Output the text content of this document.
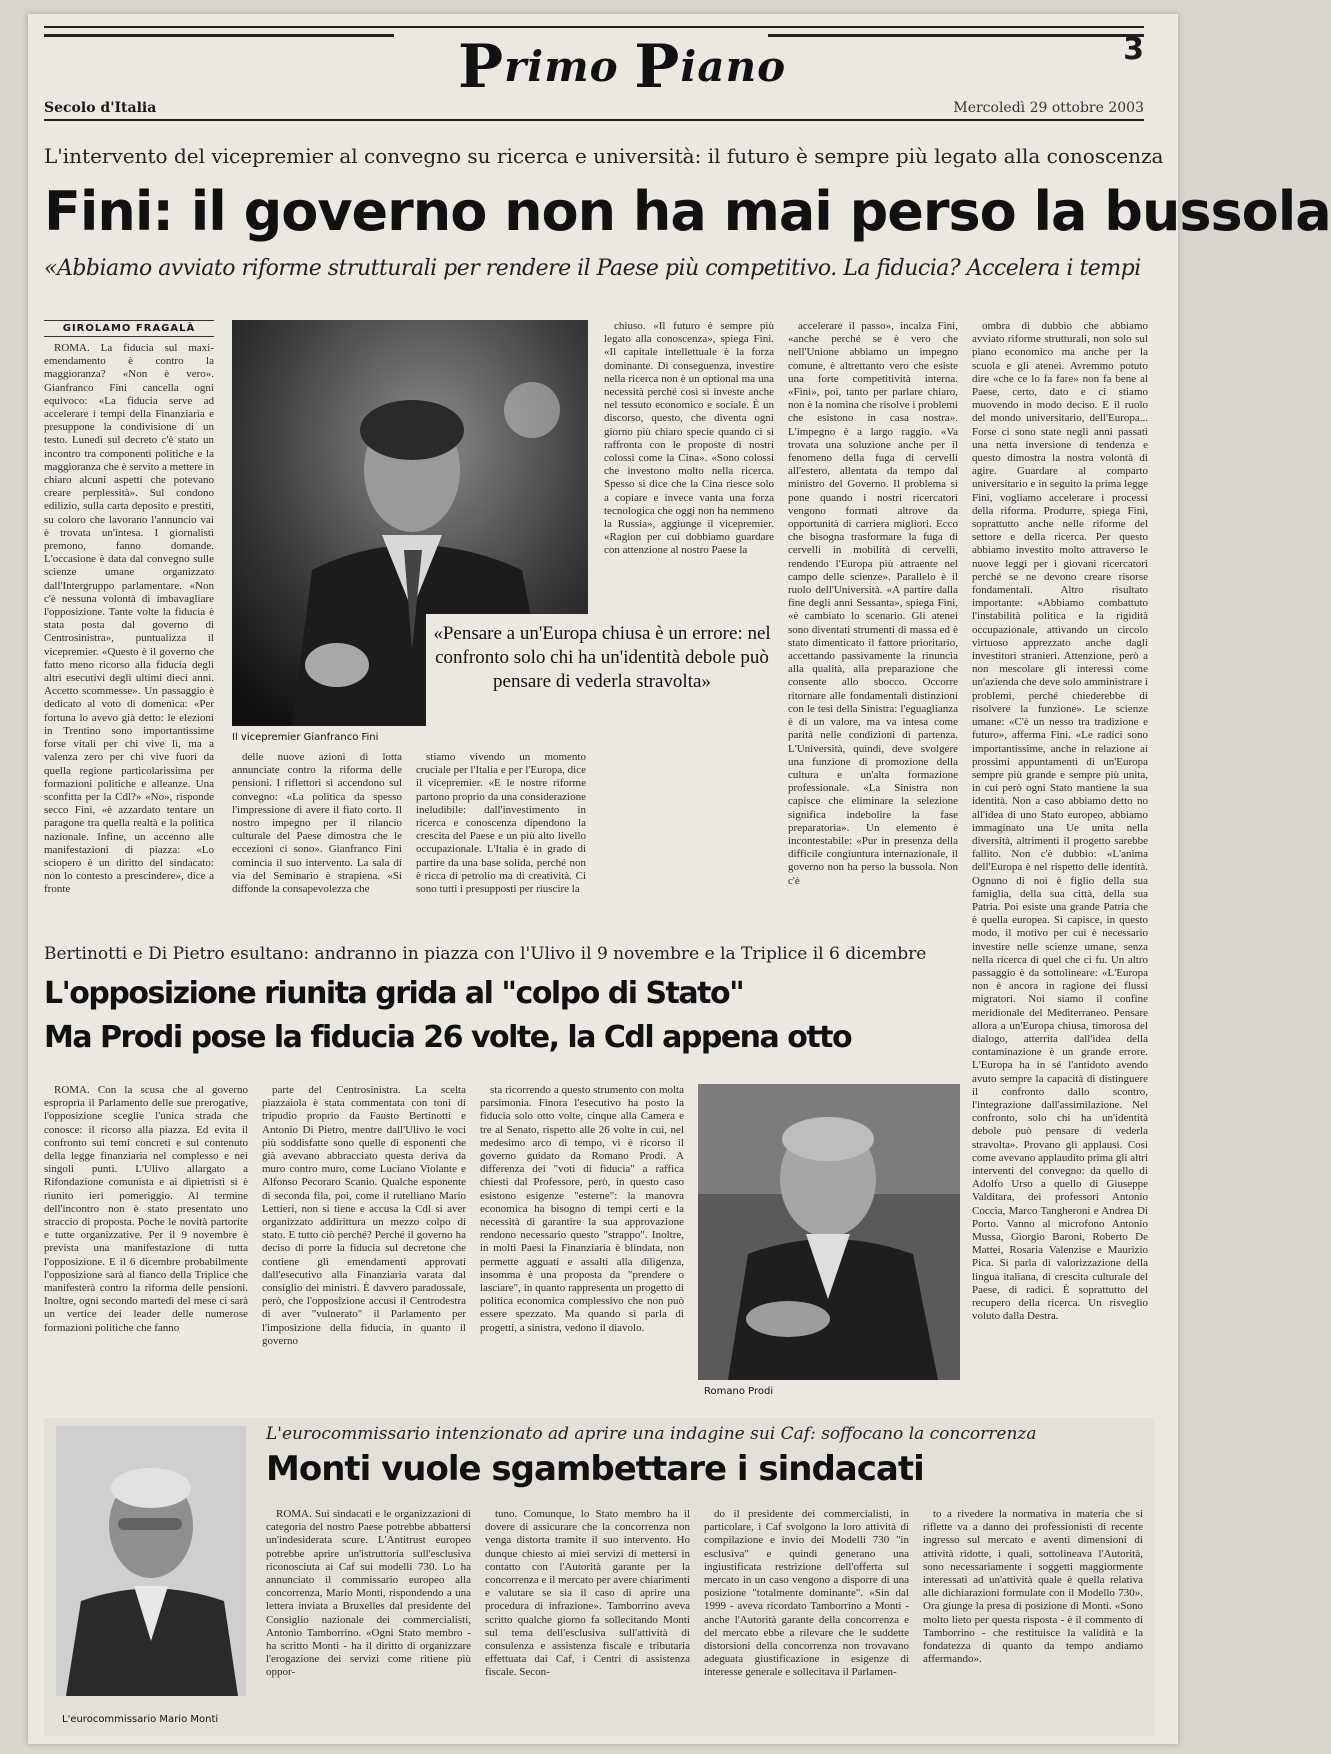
Primo Piano	3
Secolo d'Italia	Mercoledì 29 ottobre 2003
L'intervento del vicepremier al convegno su ricerca e università: il futuro è sempre più legato alla conoscenza
Fini: il governo non ha mai perso la bussola
«Abbiamo avviato riforme strutturali per rendere il Paese più competitivo. La fiducia? Accelera i tempi
GIROLAMO FRAGALÀ

ROMA. La fiducia sul maxi-emendamento è contro la maggioranza? «Non è vero». Gianfranco Fini cancella ogni equivoco: «La fiducia serve ad accelerare i tempi della Finanziaria e presuppone la condivisione di un testo. Lunedì sul decreto c'è stato un incontro tra componenti politiche e la maggioranza che è servito a mettere in chiaro alcuni aspetti che potevano creare perplessità». Sul condono edilizio, sulla carta deposito e prestiti, su coloro che lavorano l'annuncio vai è trovata un'intesa. I giornalisti premono, fanno domande. L'occasione è data dal convegno sulle scienze umane organizzato dall'Intergruppo parlamentare. «Non c'è nessuna volontà di imbavagliare l'opposizione. Tante volte la fiducia è stata posta dal governo di Centrosinistra», puntualizza il vicepremier. «Questo è il governo che fatto meno ricorso alla fiducia degli altri esecutivi degli ultimi dieci anni. Accetto scommesse». Un passaggio è dedicato al voto di domenica: «Per fortuna lo avevo già detto: le elezioni in Trentino sono importantissime forse vitali per chi vive lì, ma a valenza zero per chi vive fuori da quella regione particolarissima per formazioni politiche e alleanze. Una sconfitta per la Cdl?» «No», risponde secco Fini, «è azzardato tentare un paragone tra quella realtà e la politica nazionale. Infine, un accenno alle manifestazioni di piazza: «Lo sciopero è un diritto del sindacato: non lo contesto a prescindere», dice a fronte

Il vicepremier Gianfranco Fini

chiuso. «Il futuro è sempre più legato alla conoscenza», spiega Fini. «Il capitale intellettuale è la forza dominante. Di conseguenza, investire nella ricerca non è un optional ma una necessità perché così si investe anche nel tessuto economico e sociale. È un discorso, questo, che diventa ogni giorno più chiaro specie quando ci si raffronta con le proposte di nostri colossi come la Cina». «Sono colossi che investono molto nella ricerca. Spesso si dice che la Cina riesce solo a copiare e invece vanta una forza tecnologica che oggi non ha nemmeno la Russia», aggiunge il vicepremier. «Ragion per cui dobbiamo guardare con attenzione al nostro Paese la

accelerare il passo», incalza Fini, «anche perché se è vero che nell'Unione abbiamo un impegno comune, è altrettanto vero che esiste una forte competitività interna. «Fini», poi, tanto per parlare chiaro, non è la nomina che risolve i problemi che esistono in casa nostra». L'impegno è a largo raggio. «Va trovata una soluzione anche per il fenomeno della fuga di cervelli all'estero, allentata da tempo dal ministro del Governo. Il problema si pone quando i nostri ricercatori vengono formati altrove da opportunità di carriera migliori. Ecco che bisogna trasformare la fuga di cervelli in mobilità di cervelli, rendendo l'Europa più attraente nel campo delle scienze». Parallelo è il ruolo dell'Università. «A partire dalla fine degli anni Sessanta», spiega Fini, «è cambiato lo scenario. Gli atenei sono diventati strumenti di massa ed è stato dimenticato il fattore prioritario, accettando passivamente la rinuncia alla qualità, alla preparazione che consente allo sbocco. Occorre ritornare alle fondamentali distinzioni con le tesi della Sinistra: l'eguaglianza è di un valore, ma va intesa come parità nelle condizioni di partenza. L'Università, quindi, deve svolgere una funzione di promozione della cultura e un'alta formazione professionale. «La Sinistra non capisce che eliminare la selezione significa indebolire la fase preparatoria». Un elemento è incontestabile: «Pur in presenza della difficile congiuntura internazionale, il governo non ha perso la bussola. Non c'è

ombra di dubbio che abbiamo avviato riforme strutturali, non solo sul piano economico ma anche per la scuola e gli atenei. Avremmo potuto dire «che ce lo fa fare» non fa bene al Paese, certo, dato e ci stiamo muovendo in modo deciso. E il ruolo del mondo universitario, dell'Europa... Forse ci sono state negli anni passati una netta inversione di tendenza e questo dimostra la nostra volontà di agire. Guardare al comparto universitario e in seguito la prima legge Fini, vogliamo accelerare i processi della riforma. Produrre, spiega Fini, soprattutto anche nelle riforme del settore e della ricerca. Per questo abbiamo investito molto attraverso le nuove leggi per i giovani ricercatori perché se ne devono creare risorse fondamentali. Altro risultato importante: «Abbiamo combattuto l'instabilità politica e la rigidità occupazionale, attivando un circolo virtuoso apprezzato anche dagli investitori stranieri. Attenzione, però a non mescolare gli interessi come un'azienda che deve solo amministrare i problemi, perché chiederebbe di risolvere la funzione». Le scienze umane: «C'è un nesso tra tradizione e futuro», afferma Fini. «Le radici sono importantissime, anche in relazione ai prossimi appuntamenti di un'Europa sempre più grande e sempre più unita, in cui però ogni Stato mantiene la sua identità. Non a caso abbiamo detto no all'idea di uno Stato europeo, abbiamo immaginato una Ue unita nella diversità, altrimenti il progetto sarebbe fallito. Non c'è dubbio: «L'anima dell'Europa è nel rispetto delle identità. Ognuno di noi è figlio della sua famiglia, della sua città, della sua Patria. Poi esiste una grande Patria che è quella europea. Sì capisce, in questo modo, il motivo per cui è necessario investire nelle scienze umane, senza nella ricerca di quel che ci fu. Un altro passaggio è da sottolineare: «L'Europa non è ancora in ragione dei flussi migratori. Noi siamo il confine meridionale del Mediterraneo. Pensare allora a un'Europa chiusa, timorosa del dialogo, atterrita dall'idea della contaminazione è un grande errore. L'Europa ha in sé l'antidoto avendo avuto sempre la capacità di distinguere il confronto dallo scontro, l'integrazione dall'assimilazione. Nel confronto, solo chi ha un'identità debole può pensare di vederla stravolta». Provano gli applausi. Così come avevano applaudito prima gli altri interventi del convegno: da quello di Adolfo Urso a quello di Giuseppe Valditara, dei professori Antonio Coccia, Marco Tangheroni e Andrea Di Porto. Vanno al microfono Antonio Mussa, Giorgio Baroni, Roberto De Mattei, Rosaria Valenzise e Maurizio Pica. Si parla di valorizzazione della lingua italiana, di crescita culturale del Paese, di radici. È soprattutto del recupero della ricerca. Un risveglio voluto dalla Destra.

«Pensare a un'Europa chiusa è un errore: nel confronto solo chi ha un'identità debole può pensare di vederla stravolta»

delle nuove azioni di lotta annunciate contro la riforma delle pensioni. I riflettori si accendono sul convegno: «La politica da spesso l'impressione di avere il fiato corto. Il nostro impegno per il rilancio culturale del Paese dimostra che le eccezioni ci sono». Gianfranco Fini comincia il suo intervento. La sala di via del Seminario è strapiena. «Si diffonde la consapevolezza che

stiamo vivendo un momento cruciale per l'Italia e per l'Europa, dice il vicepremier. «E le nostre riforme partono proprio da una considerazione ineludibile: dall'investimento in ricerca e conoscenza dipendono la crescita del Paese e un più alto livello occupazionale. L'Italia è in grado di partire da una base solida, perché non è ricca di petrolio ma di creatività. Ci sono tutti i presupposti per riuscire la

Bertinotti e Di Pietro esultano: andranno in piazza con l'Ulivo il 9 novembre e la Triplice il 6 dicembre
L'opposizione riunita grida al "colpo di Stato"
Ma Prodi pose la fiducia 26 volte, la Cdl appena otto

ROMA. Con la scusa che al governo esproprìa il Parlamento delle sue prerogative, l'opposizione sceglie l'unica strada che conosce: il ricorso alla piazza. Ed evita il confronto sui temi concreti e sul contenuto della legge finanziaria nel complesso e nei singoli punti. L'Ulivo allargato a Rifondazione comunista e ai dipietristi si è riunito ieri pomeriggio. Al termine dell'incontro non è stato presentato uno straccio di proposta. Poche le novità partorite e tutte organizzative. Per il 9 novembre è prevista una manifestazione di tutta l'opposizione. E il 6 dicembre probabilmente l'opposizione sarà al fianco della Triplice che manifesterà contro la riforma delle pensioni. Inoltre, ogni secondo martedì del mese ci sarà un vertice dei leader delle numerose formazioni politiche che fanno

parte del Centrosinistra. La scelta piazzaiola è stata commentata con toni di tripudio proprio da Fausto Bertinotti e Antonio Di Pietro, mentre dall'Ulivo le voci più soddisfatte sono quelle di esponenti che già avevano abbracciato questa deriva da muro contro muro, come Luciano Violante e Alfonso Pecoraro Scanio. Qualche esponente di seconda fila, poi, come il rutelliano Mario Lettieri, non si tiene e accusa la Cdl si aver organizzato addirittura un mezzo colpo di stato. E tutto ciò perché? Perché il governo ha deciso di porre la fiducia sul decretone che contiene gli emendamenti approvati dall'esecutivo alla Finanziaria varata dal consiglio dei ministri. È davvero paradossale, però, che l'opposizione accusi il Centrodestra di aver "vulnerato" il Parlamento per l'imposizione della fiducia, in quanto il governo

sta ricorrendo a questo strumento con molta parsimonia. Finora l'esecutivo ha posto la fiducia solo otto volte, cinque alla Camera e tre al Senato, rispetto alle 26 volte in cui, nel medesimo arco di tempo, vi è ricorso il governo guidato da Romano Prodi. A differenza dei "voti di fiducia" a raffica chiesti dal Professore, però, in questo caso esistono esigenze "esterne": la manovra economica ha bisogno di tempi certi e la necessità di garantire la sua approvazione rendono necessario questo "strappo". Inoltre, in molti Paesi la Finanziaria è blindata, non permette agguati e assalti alla diligenza, insomma è una proposta da "prendere o lasciare", in quanto rappresenta un progetto di politica economica complessivo che non può essere spezzato. Ma quando si parla di progetti, a sinistra, vedono il diavolo.

Romano Prodi
L'eurocommissario Mario Monti
L'eurocommissario intenzionato ad aprire una indagine sui Caf: soffocano la concorrenza
Monti vuole sgambettare i sindacati

ROMA. Sui sindacati e le organizzazioni di categoria del nostro Paese potrebbe abbattersi un'indesiderata scure. L'Antitrust europeo potrebbe aprire un'istruttoria sull'esclusiva riconosciuta ai Caf sui modelli 730. Lo ha annunciato il commissario europeo alla concorrenza, Mario Monti, rispondendo a una lettera inviata a Bruxelles dal presidente del Consiglio nazionale dei commercialisti, Antonio Tamborrino. «Ogni Stato membro - ha scritto Monti - ha il diritto di organizzare l'erogazione dei servizi come ritiene più oppor-

tuno. Comunque, lo Stato membro ha il dovere di assicurare che la concorrenza non venga distorta tramite il suo intervento. Ho dunque chiesto ai miei servizi di mettersi in contatto con l'Autorità garante per la concorrenza e il mercato per avere chiarimenti e valutare se sia il caso di aprire una procedura di infrazione». Tamborrino aveva scritto qualche giorno fa sollecitando Monti sul tema dell'esclusiva sull'attività di consulenza e assistenza fiscale e tributaria effettuata dai Caf, i Centri di assistenza fiscale. Secon-

do il presidente dei commercialisti, in particolare, i Caf svolgono la loro attività di compilazione e invio dei Modelli 730 "in esclusiva" e quindi generano una ingiustificata restrizione dell'offerta sul mercato in un caso vengono a disporre di una posizione "totalmente dominante". «Sin dal 1999 - aveva ricordato Tamborrino a Monti - anche l'Autorità garante della concorrenza e del mercato ebbe a rilevare che le suddette distorsioni della concorrenza non trovavano adeguata giustificazione in esigenze di interesse generale e sollecitava il Parlamen-

to a rivedere la normativa in materia che si riflette va a danno dei professionisti di recente ingresso sul mercato e aventi dimensioni di attività ridotte, i quali, sottolineava l'Autorità, sono necessariamente i soggetti maggiormente interessati ad un'attività quale è quella relativa alle dichiarazioni formulate con il Modello 730». Ora giunge la presa di posizione di Monti. «Sono molto lieto per questa risposta - è il commento di Tamborrino - che restituisce la validità e la fondatezza di quanto da tempo andiamo affermando».
